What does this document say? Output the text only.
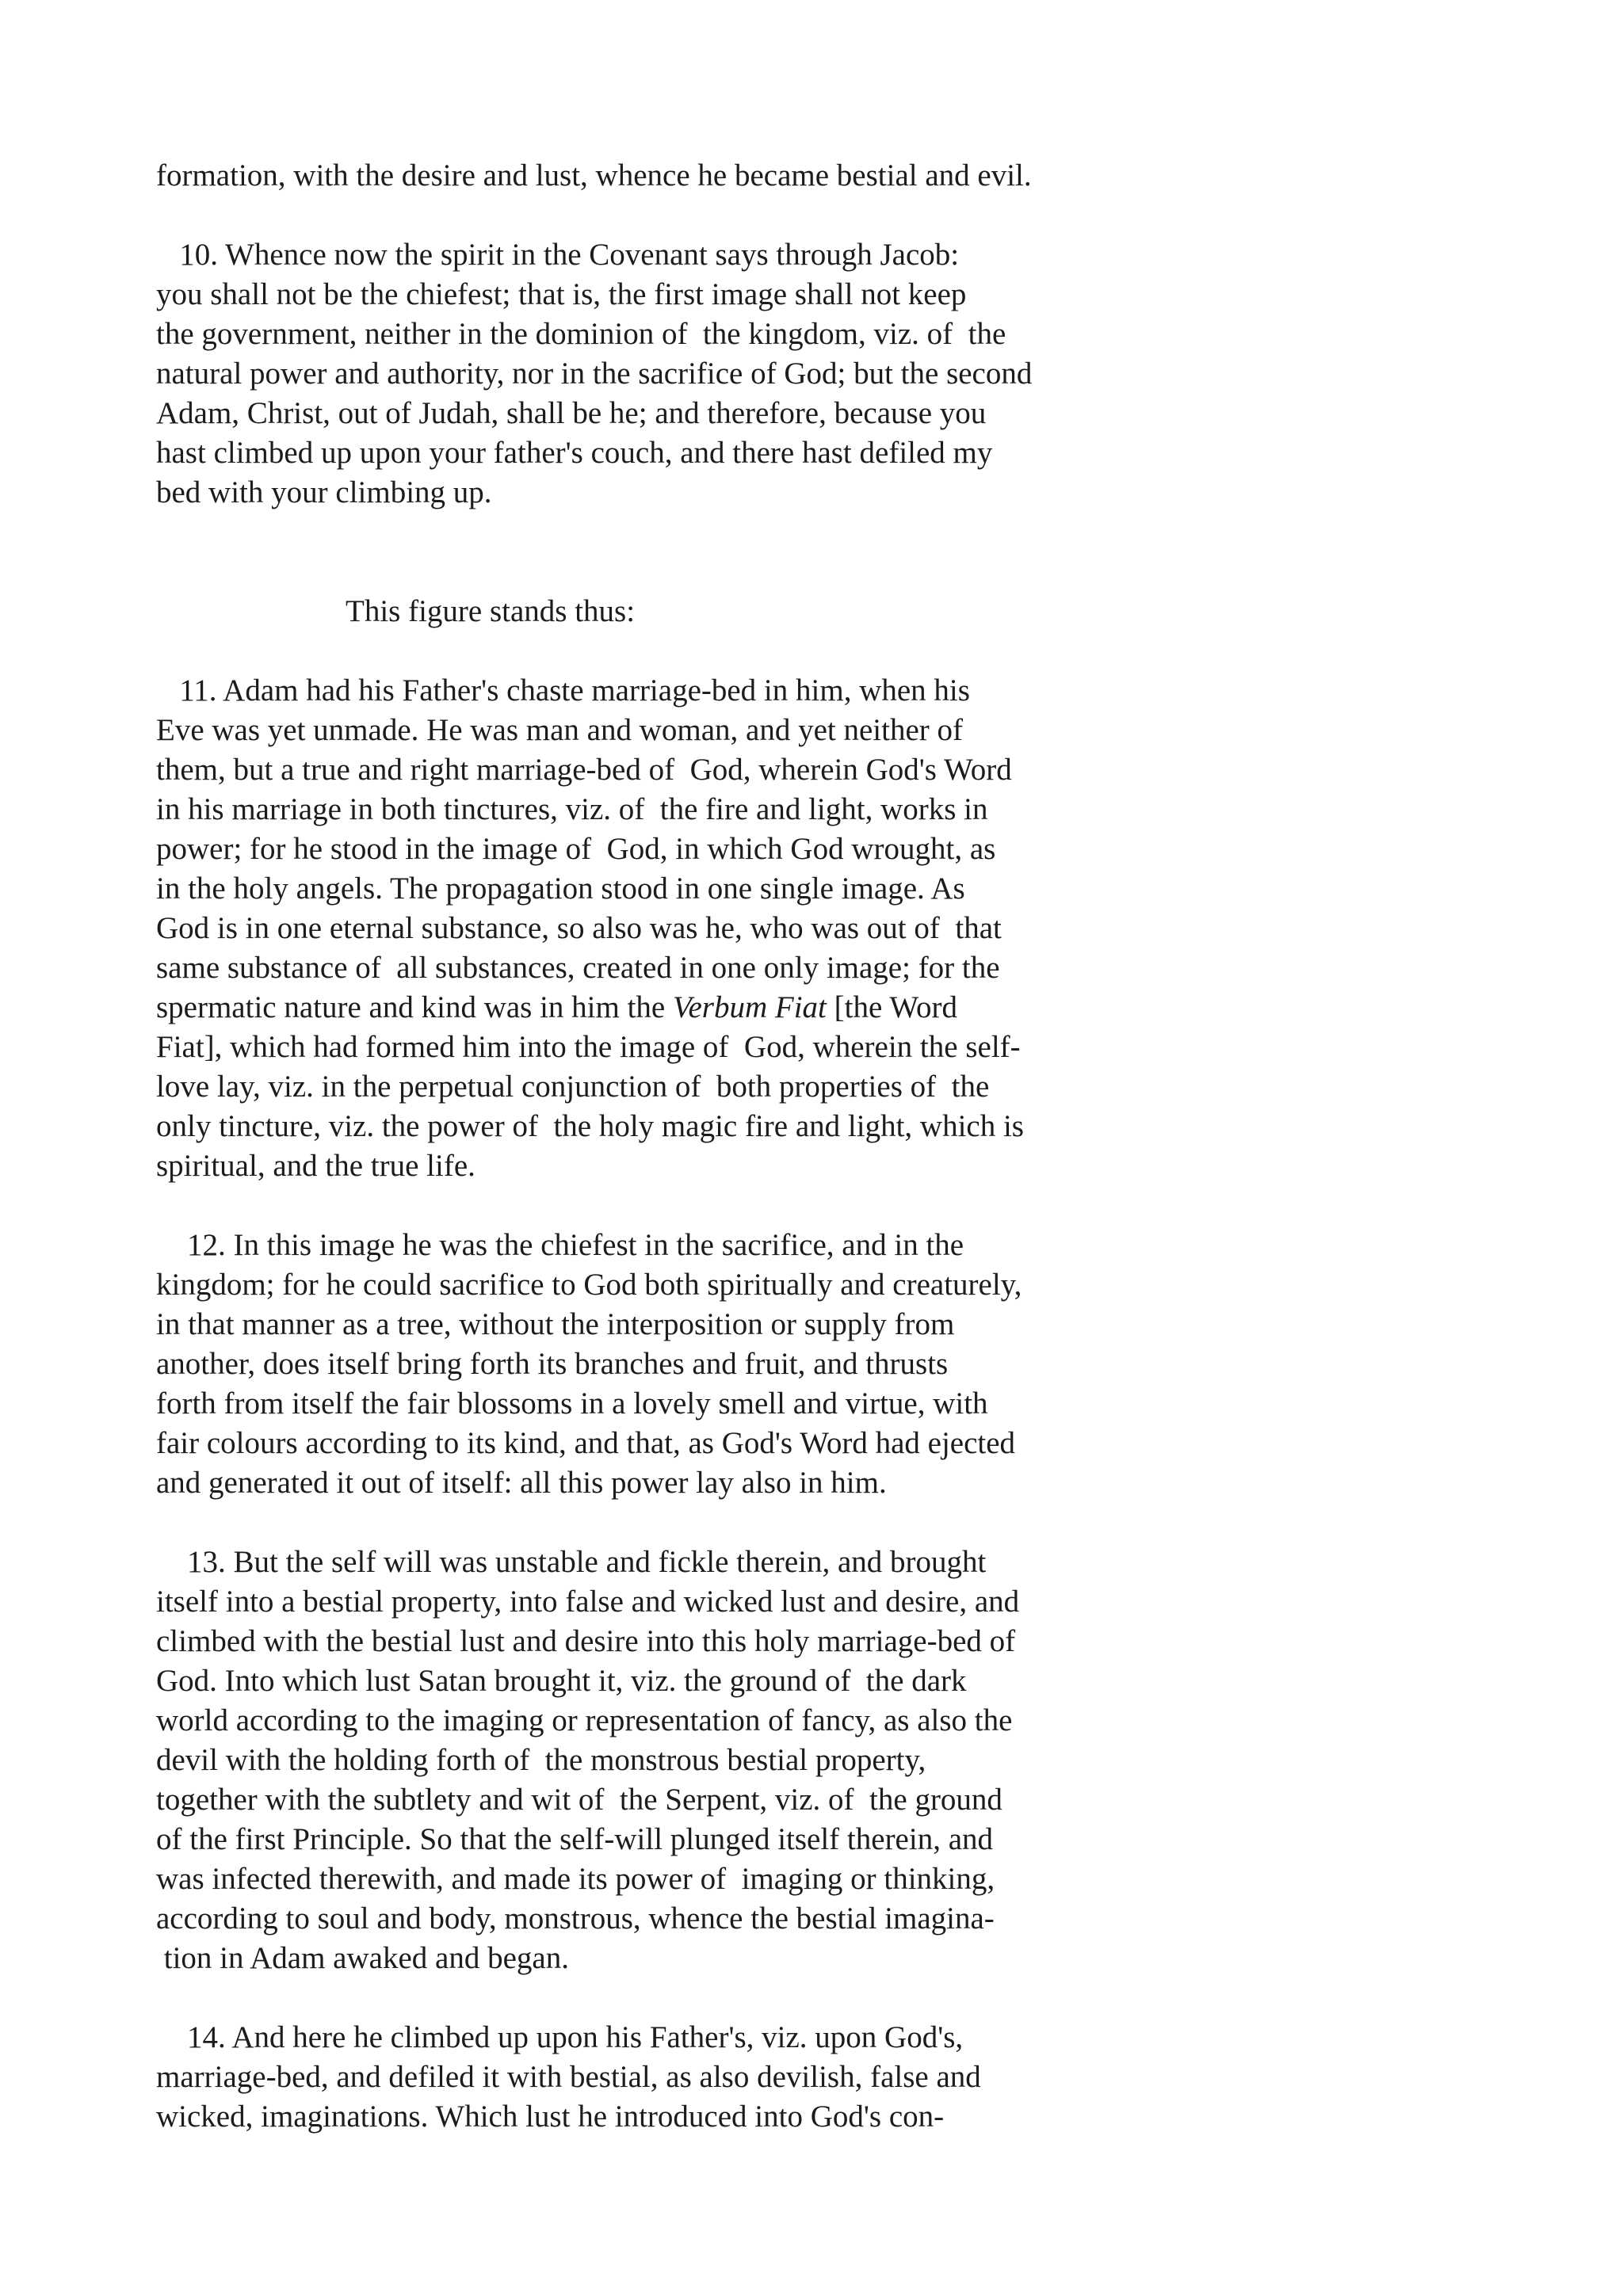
formation, with the desire and lust, whence he became bestial and evil.
10. Whence now the spirit in the Covenant says through Jacob:
you shall not be the chiefest; that is, the first image shall not keep
the government, neither in the dominion of  the kingdom, viz. of  the
natural power and authority, nor in the sacrifice of God; but the second
Adam, Christ, out of Judah, shall be he; and therefore, because you
hast climbed up upon your father's couch, and there hast defiled my
bed with your climbing up.
This figure stands thus:
11. Adam had his Father's chaste marriage-bed in him, when his
Eve was yet unmade. He was man and woman, and yet neither of
them, but a true and right marriage-bed of  God, wherein God's Word
in his marriage in both tinctures, viz. of  the fire and light, works in
power; for he stood in the image of  God, in which God wrought, as
in the holy angels. The propagation stood in one single image. As
God is in one eternal substance, so also was he, who was out of  that
same substance of  all substances, created in one only image; for the
spermatic nature and kind was in him the Verbum Fiat [the Word
Fiat], which had formed him into the image of  God, wherein the self-
love lay, viz. in the perpetual conjunction of  both properties of  the
only tincture, viz. the power of  the holy magic fire and light, which is
spiritual, and the true life.
12. In this image he was the chiefest in the sacrifice, and in the
kingdom; for he could sacrifice to God both spiritually and creaturely,
in that manner as a tree, without the interposition or supply from
another, does itself bring forth its branches and fruit, and thrusts
forth from itself the fair blossoms in a lovely smell and virtue, with
fair colours according to its kind, and that, as God's Word had ejected
and generated it out of itself: all this power lay also in him.
13. But the self will was unstable and fickle therein, and brought
itself into a bestial property, into false and wicked lust and desire, and
climbed with the bestial lust and desire into this holy marriage-bed of
God. Into which lust Satan brought it, viz. the ground of  the dark
world according to the imaging or representation of fancy, as also the
devil with the holding forth of  the monstrous bestial property,
together with the subtlety and wit of  the Serpent, viz. of  the ground
of the first Principle. So that the self-will plunged itself therein, and
was infected therewith, and made its power of  imaging or thinking,
according to soul and body, monstrous, whence the bestial imagina-
tion in Adam awaked and began.
14. And here he climbed up upon his Father's, viz. upon God's,
marriage-bed, and defiled it with bestial, as also devilish, false and
wicked, imaginations. Which lust he introduced into God's con-
